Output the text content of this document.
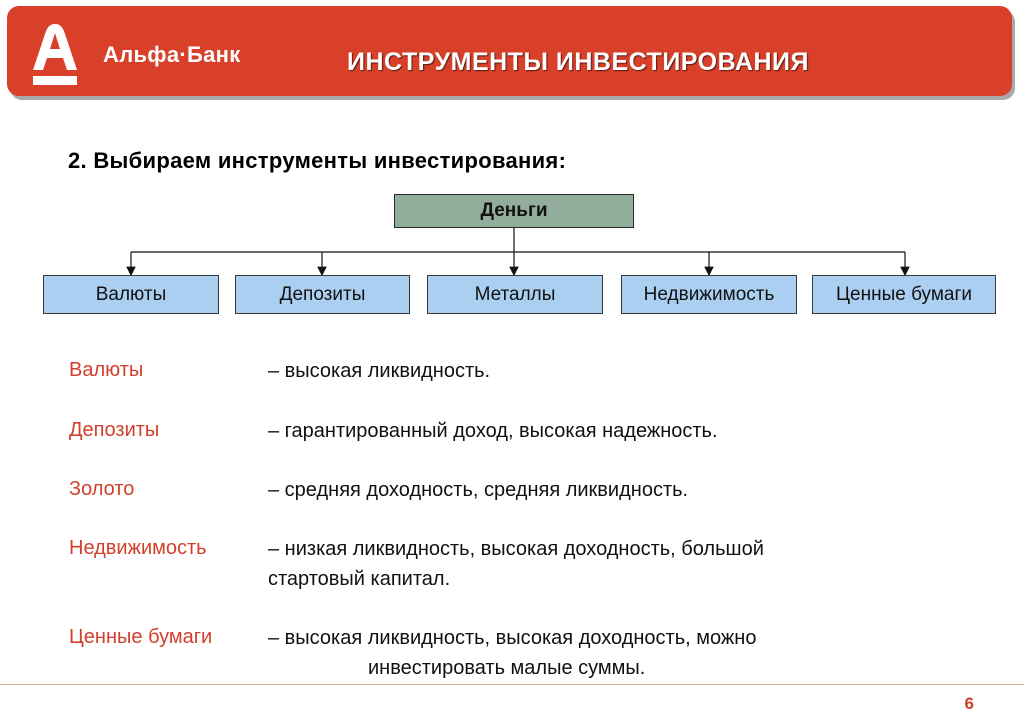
Альфа·Банк	ИНСТРУМЕНТЫ ИНВЕСТИРОВАНИЯ
2. Выбираем инструменты инвестирования:
Деньги
Валюты	Депозиты	Металлы	Недвижимость	Ценные бумаги
Валюты	– высокая ликвидность.
Депозиты	– гарантированный доход, высокая надежность.
Золото	– средняя доходность, средняя ликвидность.
Недвижимость	– низкая ликвидность, высокая доходность, большой
стартовый капитал.
Ценные бумаги	– высокая ликвидность, высокая доходность, можно
инвестировать малые суммы.
6
